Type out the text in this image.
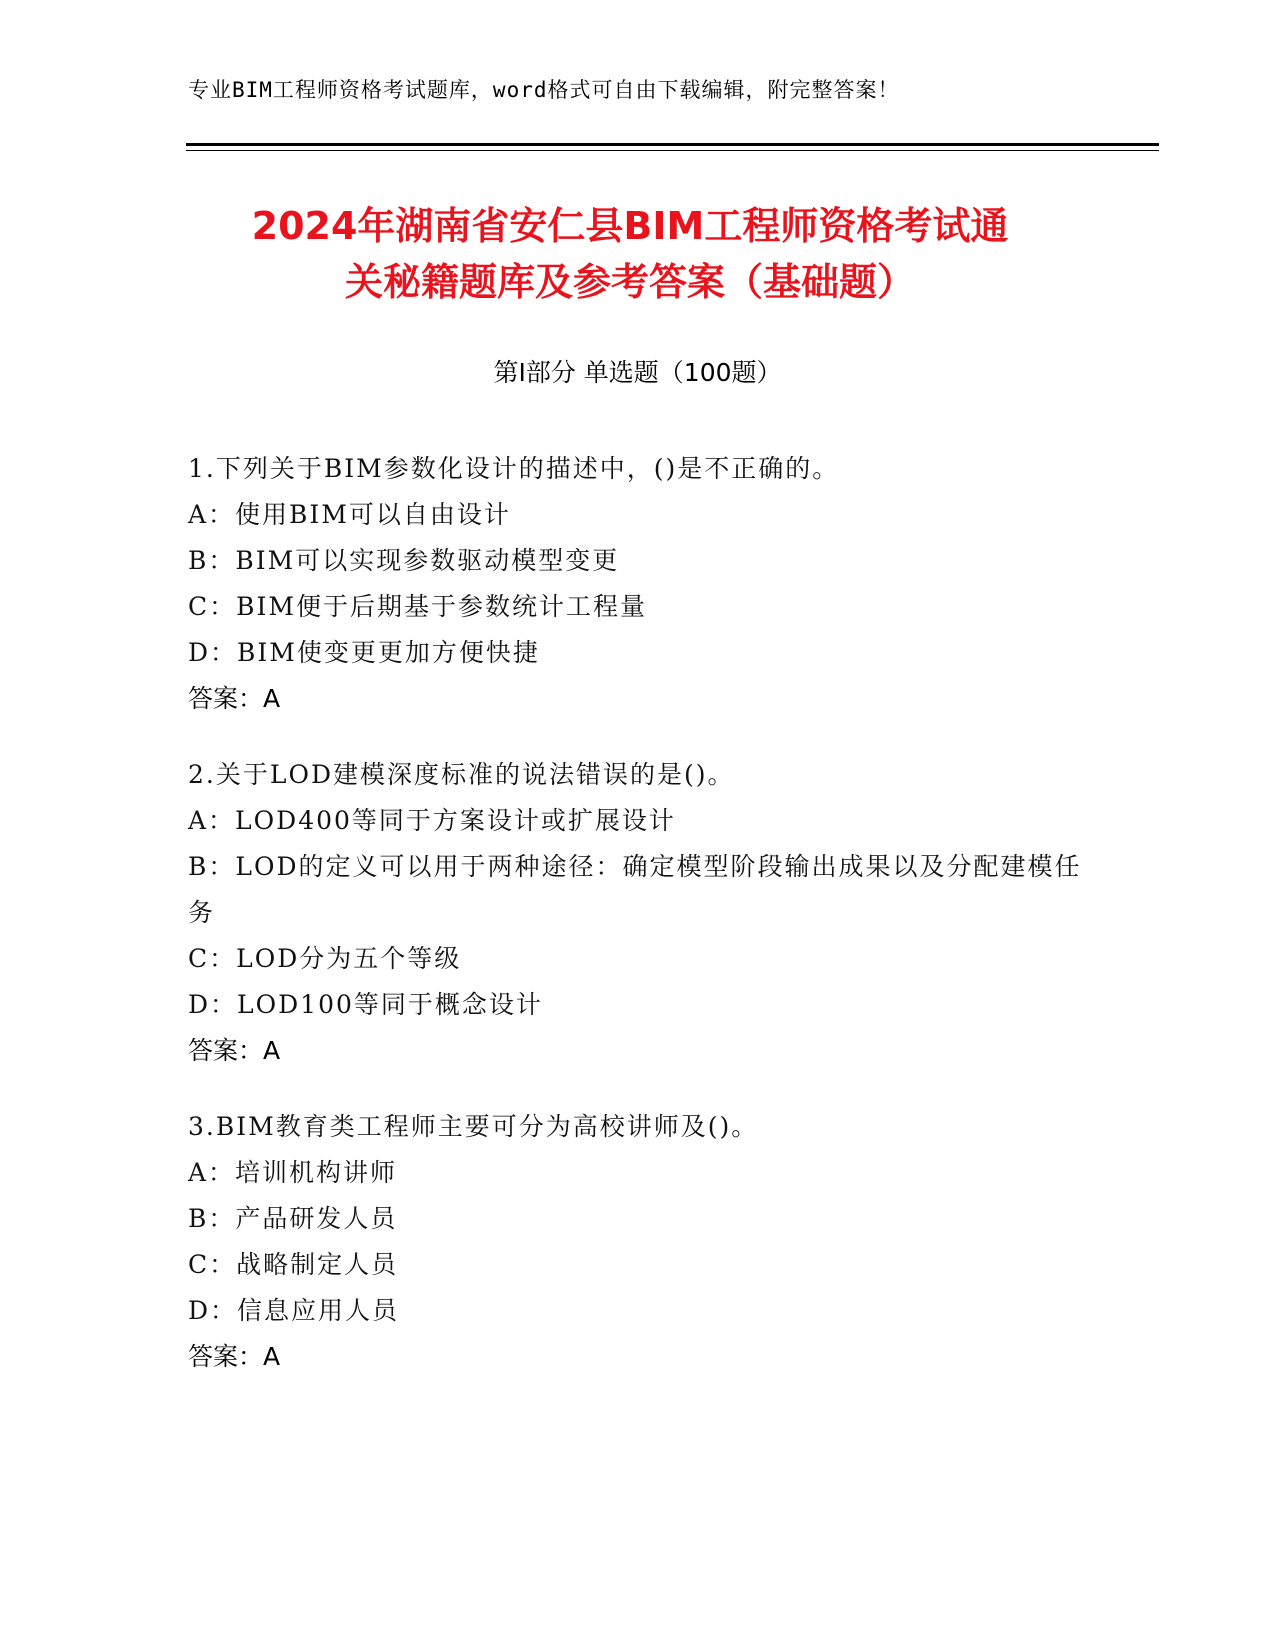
专业BIM工程师资格考试题库，word格式可自由下载编辑，附完整答案！
2024年湖南省安仁县BIM工程师资格考试通
关秘籍题库及参考答案（基础题）
第I部分 单选题（100题）
1.下列关于BIM参数化设计的描述中，()是不正确的。
A：使用BIM可以自由设计
B：BIM可以实现参数驱动模型变更
C：BIM便于后期基于参数统计工程量
D：BIM使变更更加方便快捷
答案：A
2.关于LOD建模深度标准的说法错误的是()。
A：LOD400等同于方案设计或扩展设计
B：LOD的定义可以用于两种途径：确定模型阶段输出成果以及分配建模任务
C：LOD分为五个等级
D：LOD100等同于概念设计
答案：A
3.BIM教育类工程师主要可分为高校讲师及()。
A：培训机构讲师
B：产品研发人员
C：战略制定人员
D：信息应用人员
答案：A
